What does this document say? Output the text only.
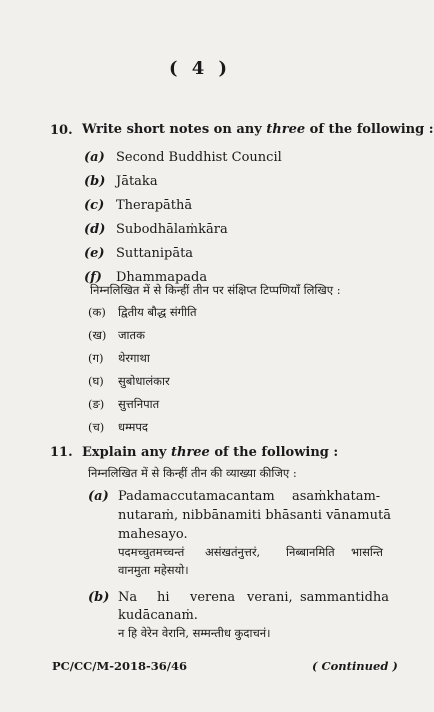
( 4 )
10. Write short notes on any three of the following :
(a) Second Buddhist Council
(b) Jātaka
(c) Therapāthā
(d) Subodhālaṁkāra
(e) Suttanipāta
(f) Dhammapada
निम्नलिखित में से किन्हीं तीन पर संक्षिप्त टिप्पणियाँ लिखिए :
(क) द्वितीय बौद्ध संगीति
(ख) जातक
(ग) थेरगाथा
(घ) सुबोधालंकार
(ङ) सुत्तनिपात
(च) धम्मपद
11. Explain any three of the following :
निम्नलिखित में से किन्हीं तीन की व्याख्या कीजिए :
(a) Padamaccutamacantam asaṁkhatam-
nutaraṁ, nibbānamiti bhāsanti vānamutā
mahesayo.
पदमच्चुतमच्चन्तं असंखतंनुत्तरं, निब्बानमिति भासन्ति
वानमुता महेसयो।
(b) Na hi verena verani, sammantidha
kudācanaṁ.
न हि वेरेन वेरानि, सम्मन्तीध कुदाचनं।
PC/CC/M-2018-36/46	( Continued )
